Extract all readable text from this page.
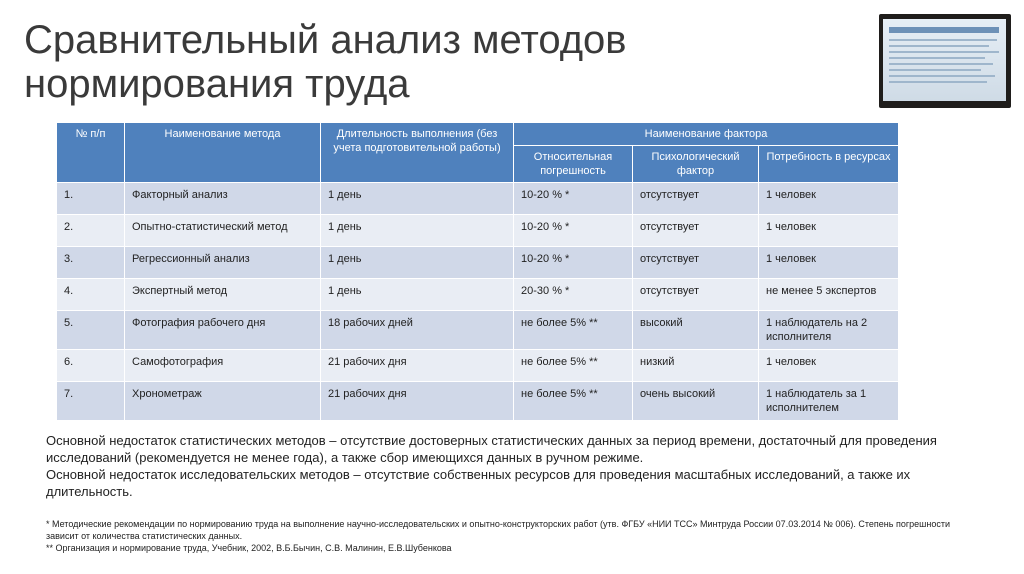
Сравнительный анализ методов нормирования труда
№ п/п	Наименование метода	Длительность выполнения (без учета подготовительной работы)	Наименование фактора		
			Относительная погрешность	Психологический фактор	Потребность в ресурсах
1.	Факторный анализ	1 день	10-20 % *	отсутствует	1 человек
2.	Опытно-статистический метод	1 день	10-20 % *	отсутствует	1 человек
3.	Регрессионный анализ	1 день	10-20 % *	отсутствует	1 человек
4.	Экспертный метод	1 день	20-30 % *	отсутствует	не менее 5 экспертов
5.	Фотография рабочего дня	18 рабочих дней	не более 5% **	высокий	1 наблюдатель на 2 исполнителя
6.	Самофотография	21 рабочих дня	не более 5% **	низкий	1 человек
7.	Хронометраж	21 рабочих дня	не более 5% **	очень высокий	1 наблюдатель за 1 исполнителем

Основной недостаток статистических методов – отсутствие достоверных статистических данных за период времени, достаточный для проведения исследований (рекомендуется не менее года), а также сбор имеющихся данных в ручном режиме.

Основной недостаток исследовательских методов – отсутствие собственных ресурсов для проведения масштабных исследований, а также их длительность.

* Методические рекомендации по нормированию труда на выполнение научно-исследовательских и опытно-конструкторских работ (утв. ФГБУ «НИИ ТСС» Минтруда России 07.03.2014 № 006). Степень погрешности зависит от количества статистических данных.

** Организация и нормирование труда, Учебник, 2002, В.Б.Бычин, С.В. Малинин, Е.В.Шубенкова
